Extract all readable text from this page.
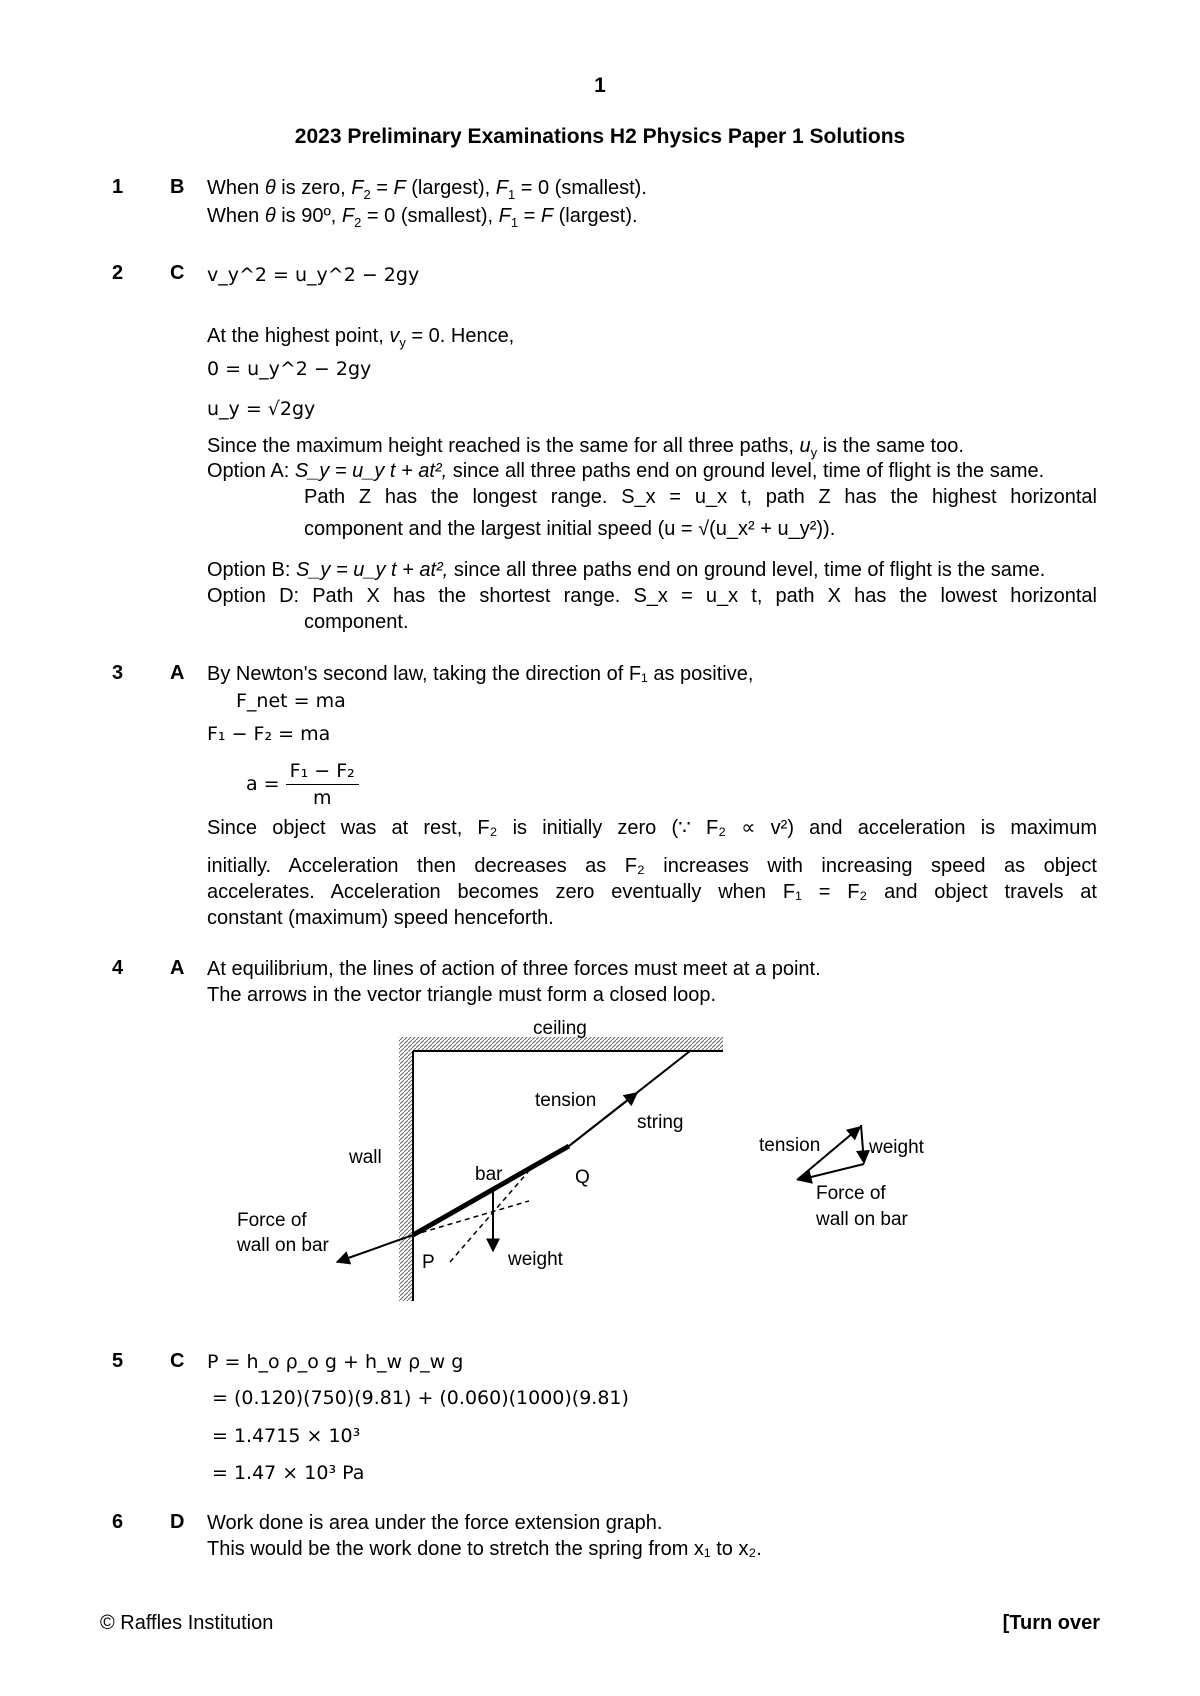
1
2023 Preliminary Examinations H2 Physics Paper 1 Solutions
1 B When θ is zero, $F_2 = F$ (largest), $F_1 = 0$ (smallest).
When θ is 90º, $F_2 = 0$ (smallest), $F_1 = F$ (largest).
2 C v_y^2 = u_y^2 − 2gy
At the highest point, $v_y = 0$. Hence,
0 = u_y^2 − 2gy
u_y = √2gy
Since the maximum height reached is the same for all three paths, $u_y$ is the same too.
Option A: S_y = u_y t + at², since all three paths end on ground level, time of flight is the same.
Path Z has the longest range. S_x = u_x t, path Z has the highest horizontal
component and the largest initial speed (u = √(u_x² + u_y²)).
Option B: S_y = u_y t + at², since all three paths end on ground level, time of flight is the same.
Option D: Path X has the shortest range. S_x = u_x t, path X has the lowest horizontal
component.
3 A By Newton's second law, taking the direction of F₁ as positive,
F_net = ma
F₁ − F₂ = ma
$a = \frac{\text{F₁ − F₂}}{m}$
Since object was at rest, F₂ is initially zero (∵ F₂ ∝ v²) and acceleration is maximum
initially. Acceleration then decreases as F₂ increases with increasing speed as object
accelerates. Acceleration becomes zero eventually when F₁ = F₂ and object travels at
constant (maximum) speed henceforth.
4 A At equilibrium, the lines of action of three forces must meet at a point.
The arrows in the vector triangle must form a closed loop.
ceiling
tension
string
wall
bar	Q
P	weight
Force of
wall on bar
tension	weight
Force of
wall on bar
5 C P = h_o ρ_o g + h_w ρ_w g
= (0.120)(750)(9.81) + (0.060)(1000)(9.81)
= 1.4715 × 10³
= 1.47 × 10³ Pa
6 D Work done is area under the force extension graph.
This would be the work done to stretch the spring from x₁ to x₂.
© Raffles Institution	[Turn over
